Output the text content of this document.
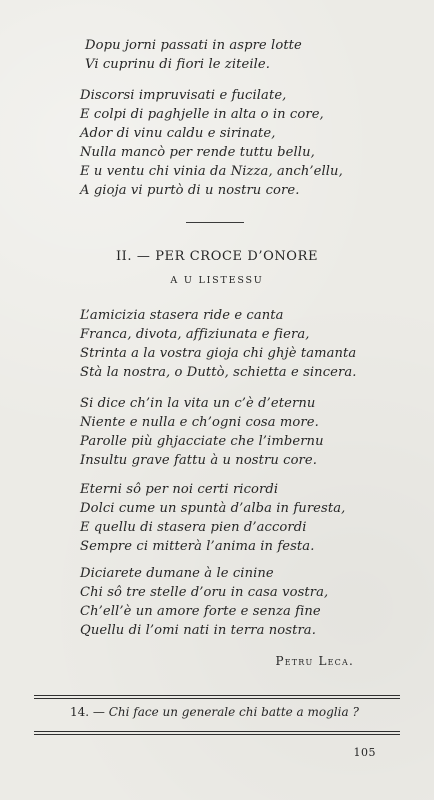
Dopu jorni passati in aspre lotte
Vi cuprinu di fiori le ziteile.
Discorsi impruvisati e fucilate,
E colpi di paghjelle in alta o in core,
Ador di vinu caldu e sirinate,
Nulla mancò per rende tuttu bellu,
E u ventu chi vinia da Nizza, anch’ellu,
A gioja vi purtò di u nostru core.
II. — PER CROCE D’ONORE
A U LISTESSU
L’amicizia stasera ride e canta
Franca, divota, affiziunata e fiera,
Strinta a la vostra gioja chi ghjè tamanta
Stà la nostra, o Duttò, schietta e sincera.
Si dice ch’in la vita un c’è d’eternu
Niente e nulla e ch’ogni cosa more.
Parolle più ghjacciate che l’imbernu
Insultu grave fattu à u nostru core.
Eterni sô per noi certi ricordi
Dolci cume un spuntà d’alba in furesta,
E quellu di stasera pien d’accordi
Sempre ci mitterà l’anima in festa.
Diciarete dumane à le cinine
Chi sô tre stelle d’oru in casa vostra,
Ch’ell’è un amore forte e senza fine
Quellu di l’omi nati in terra nostra.
Petru Leca.
14. — Chi face un generale chi batte a moglia ?
105
